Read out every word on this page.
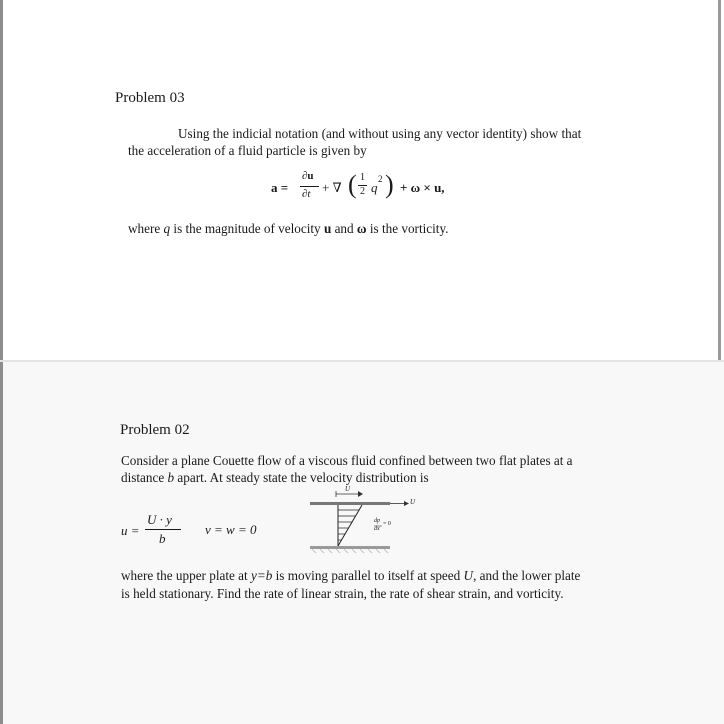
Problem 03
Using the indicial notation (and without using any vector identity) show that
the acceleration of a fluid particle is given by
a =
∂u
∂t + ∇ ( 1
2 q
2 ) + ω × u,
where q is the magnitude of velocity u and ω is the vorticity.
Problem 02
Consider a plane Couette flow of a viscous fluid confined between two flat plates at a
distance b apart. At steady state the velocity distribution is
u =
U · y
b
v = w = 0
U
U
dp
dx
= 0
where the upper plate at y=b is moving parallel to itself at speed U, and the lower plate
is held stationary. Find the rate of linear strain, the rate of shear strain, and vorticity.
